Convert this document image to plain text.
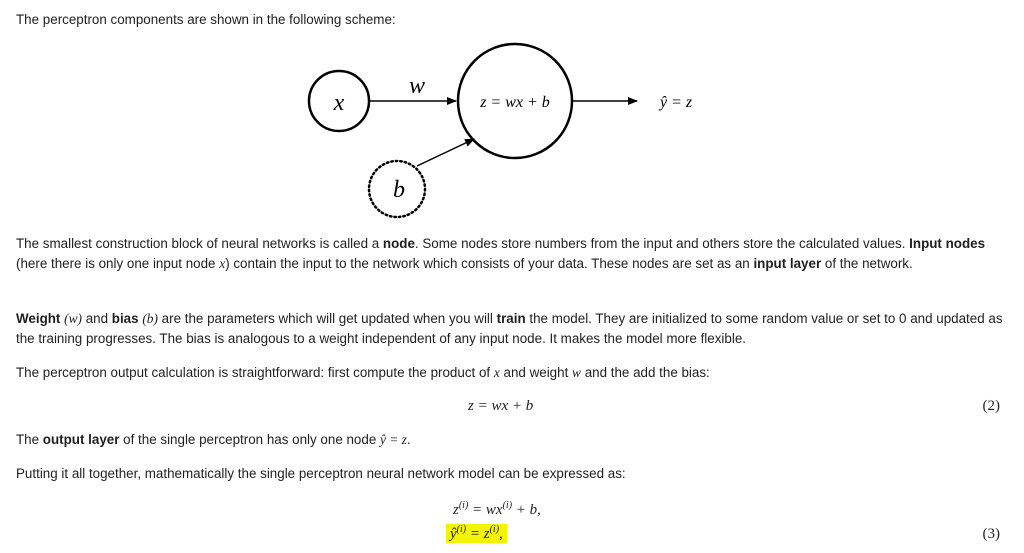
The perceptron components are shown in the following scheme:
x
w
z = wx + b	ŷ = z
b
The smallest construction block of neural networks is called a node. Some nodes store numbers from the input and others store the calculated values. Input nodes (here there is only one input node x) contain the input to the network which consists of your data. These nodes are set as an input layer of the network.
Weight (w) and bias (b) are the parameters which will get updated when you will train the model. They are initialized to some random value or set to 0 and updated as the training progresses. The bias is analogous to a weight independent of any input node. It makes the model more flexible.
The perceptron output calculation is straightforward: first compute the product of x and weight w and the add the bias:
z = wx + b	(2)
The output layer of the single perceptron has only one node ŷ = z.
Putting it all together, mathematically the single perceptron neural network model can be expressed as:
$z^{(i)} = wx^{(i)} + b$,
$ŷ^{(i)} = z^{(i)}$,	(3)
